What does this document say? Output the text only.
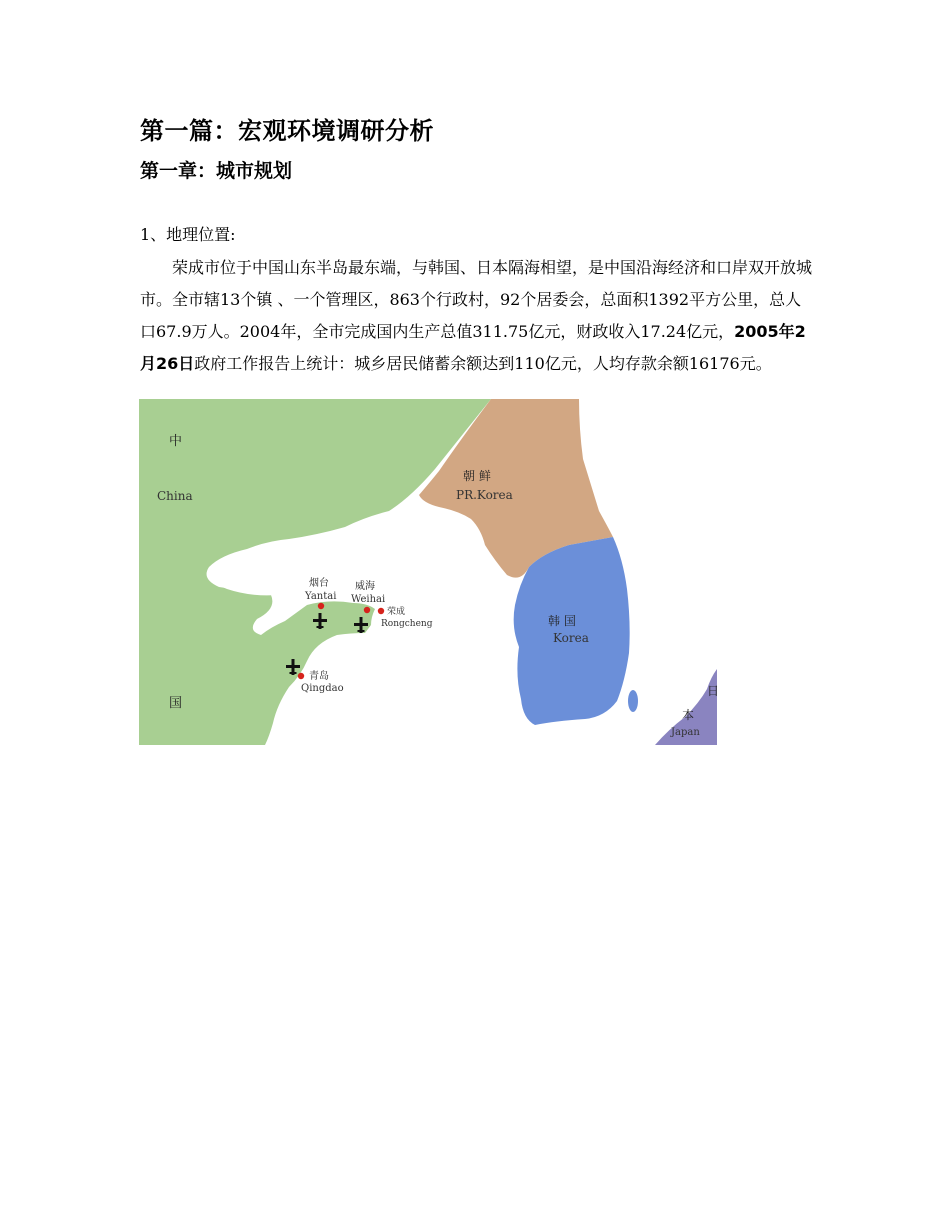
第一篇：宏观环境调研分析
第一章：城市规划

1、地理位置:

荣成市位于中国山东半岛最东端，与韩国、日本隔海相望，是中国沿海经济和口岸双开放城市。全市辖13个镇 、一个管理区，863个行政村，92个居委会，总面积1392平方公里，总人口67.9万人。2004年，全市完成国内生产总值311.75亿元，财政收入17.24亿元，2005年2月26日政府工作报告上统计：城乡居民储蓄余额达到110亿元，人均存款余额16176元。

中
China
国
朝 鲜
PR.Korea
韩 国
Korea
日
本
Japan
烟台
Yantai
威海
Weihai
荣成
Rongcheng
青岛
Qingdao
